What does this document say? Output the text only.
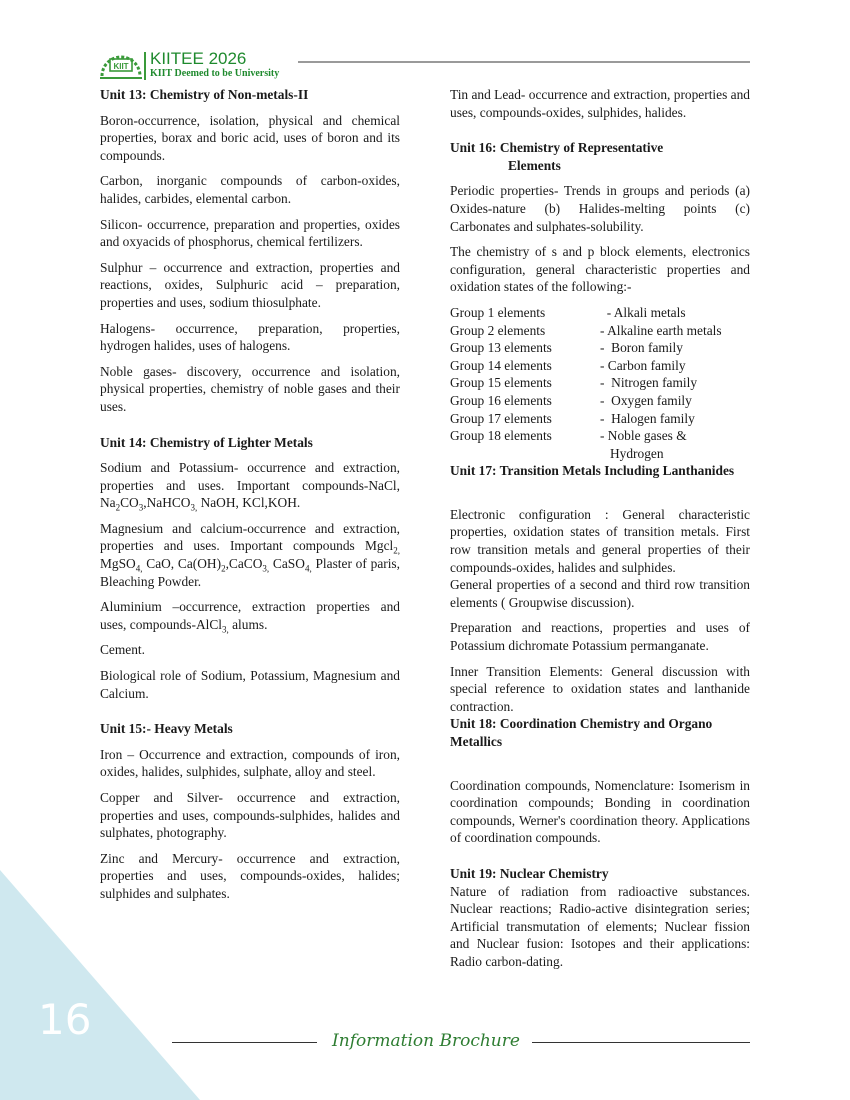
16
KIIT KIITEE 2026
KIIT Deemed to be University
Unit 13: Chemistry of Non-metals-II

Boron-occurrence, isolation, physical and chemical properties, borax and boric acid, uses of boron and its compounds.

Carbon, inorganic compounds of carbon-oxides, halides, carbides, elemental carbon.

Silicon- occurrence, preparation and properties, oxides and oxyacids of phosphorus, chemical fertilizers.

Sulphur – occurrence and extraction, properties and reactions, oxides, Sulphuric acid – preparation, properties and uses, sodium thiosulphate.

Halogens- occurrence, preparation, properties, hydrogen halides, uses of halogens.

Noble gases- discovery, occurrence and isolation, physical properties, chemistry of noble gases and their uses.

Unit 14: Chemistry of Lighter Metals

Sodium and Potassium- occurrence and extraction, properties and uses. Important compounds-NaCl, $Na_2CO_3,NaHCO_{3,}$ NaOH, KCl,KOH.

Magnesium and calcium-occurrence and extraction, properties and uses. Important compounds Mgcl$_{2,}$ MgSO$_{4,}$ CaO, $Ca(OH)_2,CaCO_{3,}$ CaSO$_{4,}$ Plaster of paris, Bleaching Powder.

Aluminium –occurrence, extraction properties and uses, compounds-AlCl$_{3,}$ alums.

Cement.

Biological role of Sodium, Potassium, Magnesium and Calcium.

Unit 15:- Heavy Metals

Iron – Occurrence and extraction, compounds of iron, oxides, halides, sulphides, sulphate, alloy and steel.

Copper and Silver- occurrence and extraction, properties and uses, compounds-sulphides, halides and sulphates, photography.

Zinc and Mercury- occurrence and extraction, properties and uses, compounds-oxides, halides; sulphides and sulphates.

Tin and Lead- occurrence and extraction, properties and uses, compounds-oxides, sulphides, halides.

Unit 16: Chemistry of Representative
Elements

Periodic properties- Trends in groups and periods (a) Oxides-nature (b) Halides-melting points (c) Carbonates and sulphates-solubility.

The chemistry of s and p block elements, electronics configuration, general characteristic properties and oxidation states of the following:-

Group 1 elements	- Alkali metals
Group 2 elements	- Alkaline earth metals
Group 13 elements	-  Boron family
Group 14 elements	- Carbon family
Group 15 elements	-  Nitrogen family
Group 16 elements	-  Oxygen family
Group 17 elements	-  Halogen family
Group 18 elements	- Noble gases &
	Hydrogen
Unit 17: Transition Metals Including Lanthanides

Electronic configuration : General characteristic properties, oxidation states of transition metals. First row transition metals and general properties of their compounds-oxides, halides and sulphides.

General properties of a second and third row transition elements ( Groupwise discussion).

Preparation and reactions, properties and uses of Potassium dichromate Potassium permanganate.

Inner Transition Elements: General discussion with special reference to oxidation states and lanthanide contraction.

Unit 18: Coordination Chemistry and Organo Metallics

Coordination compounds, Nomenclature: Isomerism in coordination compounds; Bonding in coordination compounds, Werner's coordination theory. Applications of coordination compounds.

Unit 19: Nuclear Chemistry

Nature of radiation from radioactive substances. Nuclear reactions; Radio-active disintegration series; Artificial transmutation of elements; Nuclear fission and Nuclear fusion: Isotopes and their applications: Radio carbon-dating.

Information Brochure
